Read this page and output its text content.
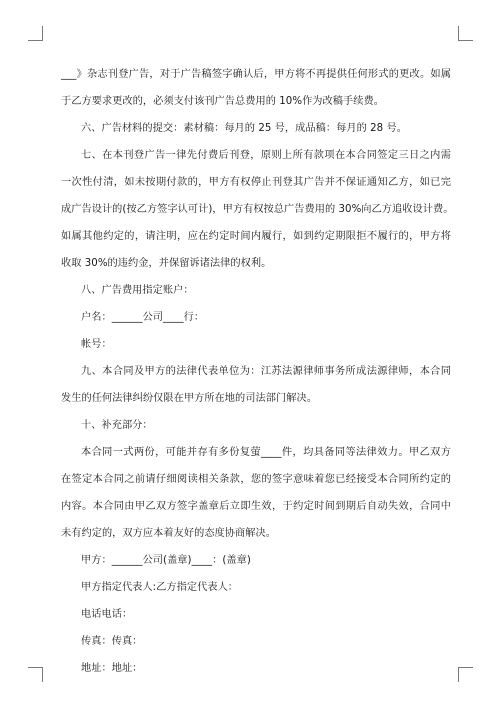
___》杂志刊登广告，对于广告稿签字确认后，甲方将不再提供任何形式的更改。如属
于乙方要求更改的，必须支付该刊广告总费用的 10%作为改稿手续费。
六、广告材料的提交：素材稿：每月的 25 号，成品稿：每月的 28 号。
七、在本刊登广告一律先付费后刊登，原则上所有款项在本合同签定三日之内需
一次性付清，如未按期付款的，甲方有权停止刊登其广告并不保证通知乙方，如已完
成广告设计的(按乙方签字认可计)，甲方有权按总广告费用的 30%向乙方追收设计费。
如属其他约定的，请注明，应在约定时间内履行，如到约定期限拒不履行的，甲方将
收取 30%的违约金，并保留诉诸法律的权利。
八、广告费用指定账户：
户名：______公司____行：
帐号：
九、本合同及甲方的法律代表单位为：江苏法源律师事务所成法源律师，本合同
发生的任何法律纠纷仅限在甲方所在地的司法部门解决。
十、补充部分：
本合同一式两份，可能并存有多份复萤____件，均具备同等法律效力。甲乙双方
在签定本合同之前请仔细阅读相关条款，您的签字意味着您已经接受本合同所约定的
内容。本合同由甲乙双方签字盖章后立即生效，于约定时间到期后自动失效，合同中
未有约定的，双方应本着友好的态度协商解决。
甲方：______公司(盖章)____：(盖章)
甲方指定代表人:乙方指定代表人：
电话电话：
传真：传真：
地址：地址：
